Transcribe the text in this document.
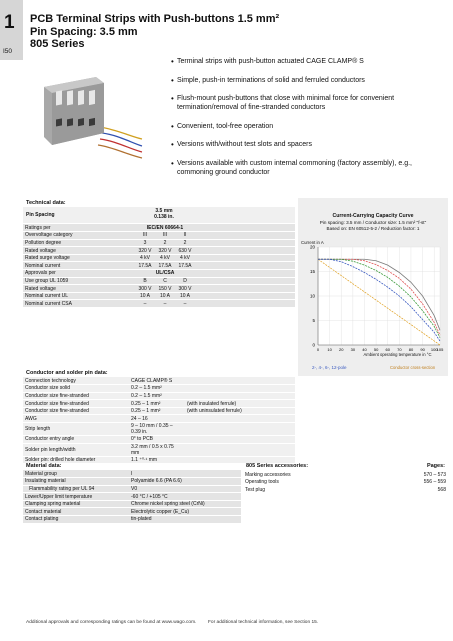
1
I50
PCB Terminal Strips with Push-buttons 1.5 mm²
Pin Spacing: 3.5 mm
805 Series
• Terminal strips with push-button actuated CAGE CLAMP® S
• Simple, push-in terminations of solid and ferruled conductors
• Flush-mount push-buttons that close with minimal force for convenient termination/removal of fine-stranded conductors
• Convenient, tool-free operation
• Versions with/without test slots and spacers
• Versions available with custom internal commoning (factory assembly), e.g., commoning ground conductor
Technical data:
Pin Spacing
3.5 mm
0.138 in.
Ratings per	IEC/EN 60664-1			
Overvoltage category	III	III	II	
Pollution degree	3	2	2	
Rated voltage	320 V	320 V	630 V	
Rated surge voltage	4 kV	4 kV	4 kV	
Nominal current	17.5A	17.5A	17.5A	
Approvals per	UL/CSA			
Use group UL 1059	B	C	D	
Rated voltage	300 V	150 V	300 V	
Nominal current UL	10 A	10 A	10 A	
Nominal current CSA	–	–	–	
Current-Carrying Capacity Curve
Pin spacing: 3.5 mm / Conductor size: 1.5 mm² "f-st"
Based on: EN 60512-5-2 / Reduction factor: 1
Current in A
0 10 20 30 40 50 60 70 80 90 100 105
5
10
15
20
0
Ambient operating temperature in °C
2-, 4-, 6-, 12-pole	Conductor cross-section
Conductor and solder pin data:
Connection technology	CAGE CLAMP® S	
Conductor size solid	0.2 – 1.5 mm²	
Conductor size fine-stranded	0.2 – 1.5 mm²	
Conductor size fine-stranded	0.25 – 1 mm²	(with insulated ferrule)
Conductor size fine-stranded	0.25 – 1 mm²	(with uninsulated ferrule)
AWG	24 – 16	
Strip length	9 – 10 mm / 0.35 – 0.39 in.	
Conductor entry angle	0° to PCB	
Solder pin length/width	3.2 mm / 0.5 x 0.75 mm	
Solder pin: drilled hole diameter	1.1 ⁺⁰·¹ mm	
Material data:
Material group	I
Insulating material	Polyamide 6.6 (PA 6.6)
Flammability rating per UL 94	V0
Lower/Upper limit temperature	-60 °C / +105 °C
Clamping spring material	Chrome nickel spring steel (CrNi)
Contact material	Electrolytic copper (E_Cu)
Contact plating	tin-plated
805 Series accessories:	Pages:
Marking accessories	570 – 573
Operating tools	556 – 559
Test plug	568
Additional approvals and corresponding ratings can be found at www.wago.com. For additional technical information, see Section 15.
